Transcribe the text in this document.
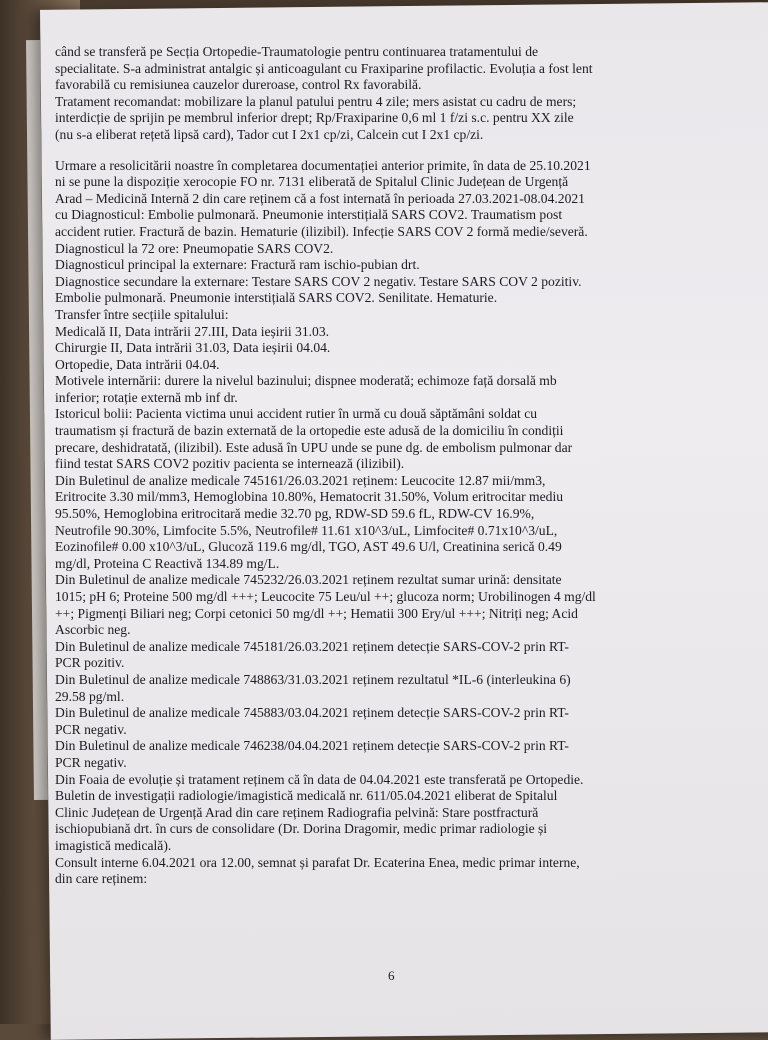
când se transferă pe Secția Ortopedie-Traumatologie pentru continuarea tratamentului de
specialitate. S-a administrat antalgic și anticoagulant cu Fraxiparine profilactic. Evoluția a fost lent
favorabilă cu remisiunea cauzelor dureroase, control Rx favorabilă.
Tratament recomandat: mobilizare la planul patului pentru 4 zile; mers asistat cu cadru de mers;
interdicție de sprijin pe membrul inferior drept; Rp/Fraxiparine 0,6 ml 1 f/zi s.c. pentru XX zile
(nu s-a eliberat rețetă lipsă card), Tador cut I 2x1 cp/zi, Calcein cut I 2x1 cp/zi.
Urmare a resolicitării noastre în completarea documentației anterior primite, în data de 25.10.2021
ni se pune la dispoziție xerocopie FO nr. 7131 eliberată de Spitalul Clinic Județean de Urgență
Arad – Medicină Internă 2 din care reținem că a fost internată în perioada 27.03.2021-08.04.2021
cu Diagnosticul: Embolie pulmonară. Pneumonie interstițială SARS COV2. Traumatism post
accident rutier. Fractură de bazin. Hematurie (ilizibil). Infecție SARS COV 2 formă medie/severă.
Diagnosticul la 72 ore: Pneumopatie SARS COV2.
Diagnosticul principal la externare: Fractură ram ischio-pubian drt.
Diagnostice secundare la externare: Testare SARS COV 2 negativ. Testare SARS COV 2 pozitiv.
Embolie pulmonară. Pneumonie interstițială SARS COV2. Senilitate. Hematurie.
Transfer între secțiile spitalului:
Medicală II, Data intrării 27.III, Data ieșirii 31.03.
Chirurgie II, Data intrării 31.03, Data ieșirii 04.04.
Ortopedie, Data intrării 04.04.
Motivele internării: durere la nivelul bazinului; dispnee moderată; echimoze față dorsală mb
inferior; rotație externă mb inf dr.
Istoricul bolii: Pacienta victima unui accident rutier în urmă cu două săptămâni soldat cu
traumatism și fractură de bazin externată de la ortopedie este adusă de la domiciliu în condiții
precare, deshidratată, (ilizibil). Este adusă în UPU unde se pune dg. de embolism pulmonar dar
fiind testat SARS COV2 pozitiv pacienta se internează (ilizibil).
Din Buletinul de analize medicale 745161/26.03.2021 reținem: Leucocite 12.87 mii/mm3,
Eritrocite 3.30 mil/mm3, Hemoglobina 10.80%, Hematocrit 31.50%, Volum eritrocitar mediu
95.50%, Hemoglobina eritrocitară medie 32.70 pg, RDW-SD 59.6 fL, RDW-CV 16.9%,
Neutrofile 90.30%, Limfocite 5.5%, Neutrofile# 11.61 x10^3/uL, Limfocite# 0.71x10^3/uL,
Eozinofile# 0.00 x10^3/uL, Glucoză 119.6 mg/dl, TGO, AST 49.6 U/l, Creatinina serică 0.49
mg/dl, Proteina C Reactivă 134.89 mg/L.
Din Buletinul de analize medicale 745232/26.03.2021 reținem rezultat sumar urină: densitate
1015; pH 6; Proteine 500 mg/dl +++; Leucocite 75 Leu/ul ++; glucoza norm; Urobilinogen 4 mg/dl
++; Pigmenți Biliari neg; Corpi cetonici 50 mg/dl ++; Hematii 300 Ery/ul +++; Nitriți neg; Acid
Ascorbic neg.
Din Buletinul de analize medicale 745181/26.03.2021 reținem detecție SARS-COV-2 prin RT-
PCR pozitiv.
Din Buletinul de analize medicale 748863/31.03.2021 reținem rezultatul *IL-6 (interleukina 6)
29.58 pg/ml.
Din Buletinul de analize medicale 745883/03.04.2021 reținem detecție SARS-COV-2 prin RT-
PCR negativ.
Din Buletinul de analize medicale 746238/04.04.2021 reținem detecție SARS-COV-2 prin RT-
PCR negativ.
Din Foaia de evoluție și tratament reținem că în data de 04.04.2021 este transferată pe Ortopedie.
Buletin de investigații radiologie/imagistică medicală nr. 611/05.04.2021 eliberat de Spitalul
Clinic Județean de Urgență Arad din care reținem Radiografia pelvină: Stare postfractură
ischiopubiană drt. în curs de consolidare (Dr. Dorina Dragomir, medic primar radiologie și
imagistică medicală).
Consult interne 6.04.2021 ora 12.00, semnat și parafat Dr. Ecaterina Enea, medic primar interne,
din care reținem:
6
